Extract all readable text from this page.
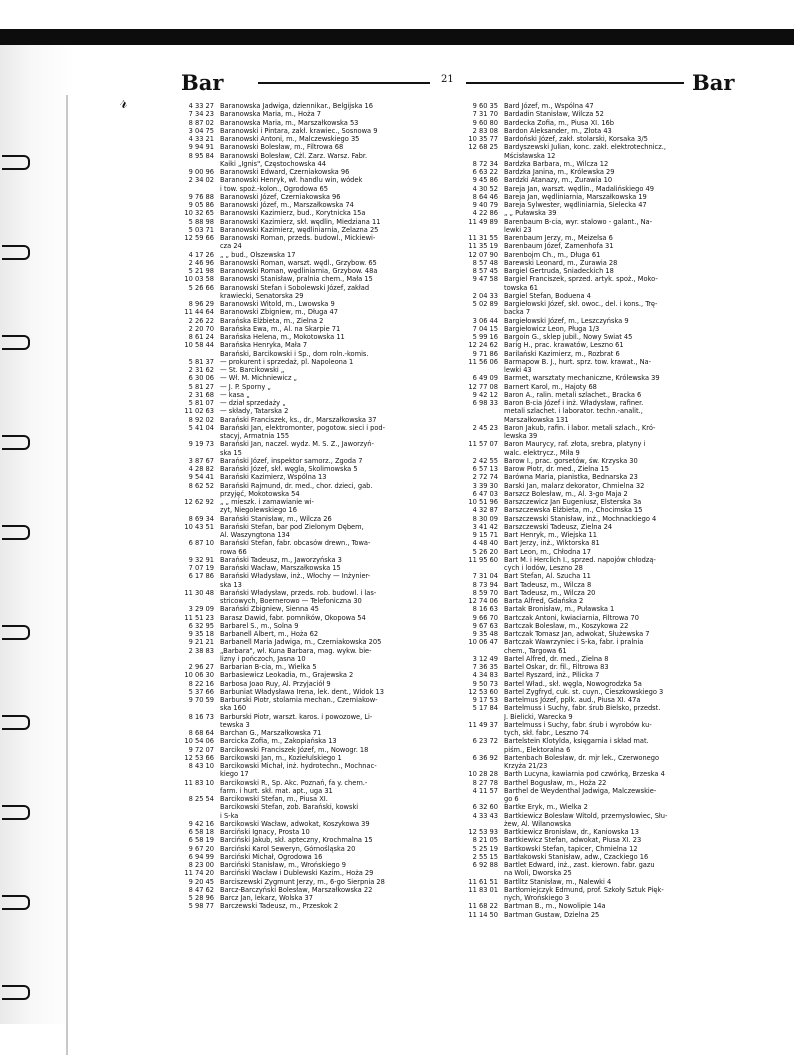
𝓇
Bar	21	Bar
4 33 27 Baranowska Jadwiga, dziennikar., Belgijska 16
7 34 23 Baranowska Maria, m., Hoża 7
8 87 02 Baranowska Maria, m., Marszałkowska 53
3 04 75 Baranowski i Pintara, zakł. krawiec., Sosnowa 9
4 33 21 Baranowski Antoni, m., Malczewskiego 35
9 94 91 Baranowski Bolesław, m., Filtrowa 68
8 95 84 Baranowski Bolesław, Cżl. Zarz. Warsz. Fabr.
Kaiki „Ignis", Częstochowska 44
9 00 96 Baranowski Edward, Czerniakowska 96
2 34 02 Baranowski Henryk, wł. handlu win, wódek
i tow. spoż.-kolon., Ogrodowa 65
9 76 88 Baranowski Józef, Czerniakowska 96
9 05 86 Baranowski Józef, m., Marszałkowska 74
10 32 65 Baranowski Kazimierz, bud., Korytnicka 15a
5 88 98 Baranowski Kazimierz, skł. wędlin, Miedziana 11
5 03 71 Baranowski Kazimierz, wędliniarnia, Żelazna 25
12 59 66 Baranowski Roman, przeds. budowl., Mickiewi-
cza 24
4 17 26 „ „ bud., Olszewska 17
2 46 96 Baranowski Roman, warszt. wędl., Grzybow. 65
5 21 98 Baranowski Roman, wędliniarnia, Grzybow. 48a
10 03 58 Baranowski Stanisław, pralnia chem., Mała 15
5 26 66 Baranowski Stefan i Sobolewski Józef, zakład
krawiecki, Senatorska 29
8 96 29 Baranowski Witold, m., Lwowska 9
11 44 64 Baranowski Zbigniew, m., Długa 47
2 26 22 Barańska Elżbieta, m., Zielna 2
2 20 70 Barańska Ewa, m., Al. na Skarpie 71
8 61 24 Barańska Helena, m., Mokotowska 11
10 58 44 Barańska Henryka, Mała 7
Barański, Barcikowski i Sp., dom roln.-komis.
5 81 37 — prokurent i sprzedaż, pl. Napoleona 1
2 31 62 — St. Barcikowski „
6 30 06 — Wł. M. Michniewicz „
5 81 27 — J. P. Sporny „
2 31 68 — kasa „
5 81 07 — dział sprzedaży „
11 02 63 — składy, Tatarska 2
8 92 02 Barański Franciszek, ks., dr., Marszałkowska 37
5 41 04 Barański Jan, elektromonter, pogotow. sieci i pod-
stacyj, Armatnia 155
9 19 73 Barański Jan, naczel. wydz. M. S. Z., Jaworzyń-
ska 15
3 87 67 Barański Józef, inspektor samorz., Zgoda 7
4 28 82 Barański Józef, skł. węgla, Skolimowska 5
9 54 41 Barański Kazimierz, Wspólna 13
8 62 52 Barański Rajmund, dr. med., chor. dzieci, gab.
przyjęć, Mokotowska 54
12 62 92 „ „ mieszk. i zamawianie wi-
zyt, Niegolewskiego 16
8 69 34 Barański Stanisław, m., Wilcza 26
10 43 51 Barański Stefan, bar pod Zielonym Dębem,
Al. Waszyngtona 134
6 87 10 Barański Stefan, fabr. obcasów drewn., Towa-
rowa 66
9 32 91 Barański Tadeusz, m., Jaworzyńska 3
7 07 19 Barański Wacław, Marszałkowska 15
6 17 86 Barański Władysław, inż., Włochy — Inżynier-
ska 13
11 30 48 Barański Władysław, przeds. rob. budowl. i las-
stricowych, Boernerowo — Telefoniczna 30
3 29 09 Barański Zbigniew, Sienna 45
11 51 23 Barasz Dawid, fabr. pomników, Okopowa 54
6 32 95 Barbarel S., m., Solna 9
9 35 18 Barbanell Albert, m., Hoża 62
9 21 21 Barbanell Maria Jadwiga, m., Czerniakowska 205
2 38 83 „Barbara", wł. Kuna Barbara, mag. wykw. bie-
lizny i pończoch, Jasna 10
2 96 27 Barbarian B-cia, m., Wielka 5
10 06 30 Barbasiewicz Leokadia, m., Grajewska 2
8 22 16 Barbosa Joao Ruy, Al. Przyjaciół 9
5 37 66 Barbuniat Władysława Irena, lek. dent., Widok 13
9 70 59 Barburski Piotr, stolarnia mechan., Czerniakow-
ska 160
8 16 73 Barburski Piotr, warszt. karos. i powozowe, Li-
tewska 3
8 68 64 Barchan G., Marszałkowska 71
10 54 06 Barcicka Zofia, m., Zakopiańska 13
9 72 07 Barcikowski Franciszek Józef, m., Nowogr. 18
12 53 66 Barcikowski Jan, m., Koziełulskiego 1
8 43 10 Barcikowski Michał, inż. hydrotechn., Mochnac-
kiego 17
11 83 10 Barcikowski R., Sp. Akc. Poznań, fa y. chem.-
farm. i hurt. skł. mat. apt., uga 31
8 25 54 Barcikowski Stefan, m., Piusa XI.
Barcikowski Stefan, zob. Barański, kowski
i S-ka
9 42 16 Barcikowski Wacław, adwokat, Koszykowa 39
6 58 18 Barciński Ignacy, Prosta 10
6 58 19 Barciński Jakub, skł. apteczny, Krochmalna 15
9 67 20 Barciński Karol Seweryn, Górnośląska 20
6 94 99 Barciński Michał, Ogrodowa 16
8 23 00 Barciński Stanisław, m., Wrońskiego 9
11 74 20 Barciński Wacław i Dublewski Kazim., Hoża 29
9 20 45 Barciszewski Zygmunt Jerzy, m., 6-go Sierpnia 28
8 47 62 Barcz-Barczyński Bolesław, Marszałkowska 22
5 28 96 Barcz Jan, lekarz, Wolska 37
5 98 77 Barczewski Tadeusz, m., Przeskok 2
9 60 35 Bard Józef, m., Wspólna 47
7 31 70 Bardadin Stanisław, Wilcza 52
9 60 80 Bardecka Zofia, m., Piusa XI. 16b
2 83 08 Bardon Aleksander, m., Złota 43
10 35 77 Bardoński Józef, zakł. stolarski, Korsaka 3/5
12 68 25 Bardyszewski Julian, konc. zakł. elektrotechnicz.,
Mścisławska 12
8 72 34 Bardzka Barbara, m., Wilcza 12
6 63 22 Bardzka Janina, m., Królewska 29
9 45 86 Bardzki Atanazy, m., Żurawia 10
4 30 52 Bareja Jan, warszt. wędlin., Madalińskiego 49
8 64 46 Bareja Jan, wędliniarnia, Marszałkowska 19
9 40 79 Bareja Sylwester, wędliniarnia, Sielecka 47
4 22 86 „ „ Puławska 39
11 49 89 Barenbaum B-cia, wyr. stalowo - galant., Na-
lewki 23
11 31 55 Barenbaum Jerzy, m., Meizelsa 6
11 35 19 Barenbaum Józef, Zamenhofa 31
12 07 90 Barenbojm Ch., m., Długa 61
8 57 48 Barewski Leonard, m., Żurawia 28
8 57 45 Bargiel Gertruda, Śniadeckich 18
9 47 58 Bargiel Franciszek, sprzed. artyk. spoż., Moko-
towska 61
2 04 33 Bargiel Stefan, Boduena 4
5 02 89 Bargiełowski Józef, skł. owoc., del. i kons., Trę-
backa 7
3 06 44 Bargiełowski Józef, m., Leszczyńska 9
7 04 15 Bargiełowicz Leon, Pługa 1/3
5 99 16 Bargoin G., sklep jubil., Nowy Świat 45
12 24 62 Barig H., prac. krawatów, Leszno 61
9 71 86 Barilański Kazimierz, m., Rozbrat 6
11 56 06 Barmapow B. J., hurt. sprz. tow. krawat., Na-
lewki 43
6 49 09 Barmet, warsztaty mechaniczne, Królewska 39
12 77 08 Barnert Karol, m., Hajoty 68
9 42 12 Baron A., ralin. metali szlachet., Bracka 6
6 98 33 Baron B-cia Józef i inż. Władysław, rafiner.
metali szlachet. i laborator. techn.-analit.,
Marszałkowska 131
2 45 23 Baron Jakub, rafin. i labor. metali szlach., Kró-
lewska 39
11 57 07 Baron Maurycy, raf. złota, srebra, platyny i
walc. elektrycz., Miła 9
2 42 55 Barow I., prac. gorsetów, św. Krzyska 30
6 57 13 Barow Piotr, dr. med., Zielna 15
2 72 74 Barówna Maria, pianistka, Bednarska 23
3 39 30 Barski Jan, malarz dekorator, Chmielna 32
6 47 03 Barszcz Bolesław, m., Al. 3-go Maja 2
10 51 96 Barszczewicz Jan Eugeniusz, Elsterska 3a
4 32 87 Barszczewska Elżbieta, m., Chocimska 15
8 30 09 Barszczewski Stanisław, inż., Mochnackiego 4
3 41 42 Barszczewski Tadeusz, Zielna 24
9 15 71 Bart Henryk, m., Wiejska 11
4 48 40 Bart Jerzy, inż., Wiktorska 81
5 26 20 Bart Leon, m., Chłodna 17
11 95 60 Bart M. i Herclich I., sprzed. napojów chłodzą-
cych i lodów, Leszno 28
7 31 04 Bart Stefan, Al. Szucha 11
8 73 94 Bart Tadeusz, m., Wilcza 8
8 59 70 Bart Tadeusz, m., Wilcza 20
12 74 06 Barta Alfred, Gdańska 2
8 16 63 Bartak Bronisław, m., Puławska 1
9 66 70 Bartczak Antoni, kwiaciarnia, Filtrowa 70
9 67 63 Bartczak Bolesław, m., Koszykowa 22
9 35 48 Bartczak Tomasz Jan, adwokat, Służewska 7
10 06 47 Bartczak Wawrzyniec i S-ka, fabr. i pralnia
chem., Targowa 61
3 12 49 Bartel Alfred, dr. med., Zielna 8
7 36 35 Bartel Oskar, dr. fil., Filtrowa 83
4 34 83 Bartel Ryszard, inż., Pilicka 7
9 50 73 Bartel Wład., skł. węgla, Nowogrodzka 5a
12 53 60 Bartel Zygfryd, cuk. st. cuyn., Cieszkowskiego 3
9 17 53 Bartelmus Józef, pplk. aud., Piusa XI. 47a
5 17 84 Bartelmuss i Suchy, fabr. śrub Bielsko, przedst.
J. Bielicki, Warecka 9
11 49 37 Bartelmuss i Suchy, fabr. śrub i wyrobów ku-
tych, skł. fabr., Leszno 74
6 23 72 Bartelstein Klotylda, księgarnia i skład mat.
piśm., Elektoralna 6
6 36 92 Bartenbach Bolesław, dr. mjr lek., Czerwonego
Krzyża 21/23
10 28 28 Barth Lucyna, kawiarnia pod czwórką, Brzeska 4
8 27 78 Barthel Bogusław, m., Hoża 22
4 11 57 Barthel de Weydenthal Jadwiga, Malczewskie-
go 6
6 32 60 Bartke Eryk, m., Wielka 2
4 33 43 Bartkiewicz Bolesław Witold, przemysłowiec, Słu-
żew, Al. Wilanowska
12 53 93 Bartkiewicz Bronisław, dr., Kaniowska 13
8 21 05 Bartkiewicz Stefan, adwokat, Piusa XI. 23
5 25 19 Bartkowski Stefan, tapicer, Chmielna 12
2 55 15 Bartłakowski Stanisław, adw., Czackiego 16
6 92 88 Bartlet Edward, inż., zast. kierown. fabr. gazu
na Woli, Dworska 25
11 61 51 Bartlitz Stanisław, m., Nalewki 4
11 83 01 Bartłomiejczyk Edmund, prof. Szkoły Sztuk Pięk-
nych, Wrońskiego 3
11 68 22 Bartman B., m., Nowolipie 14a
11 14 50 Bartman Gustaw, Dzielna 25
